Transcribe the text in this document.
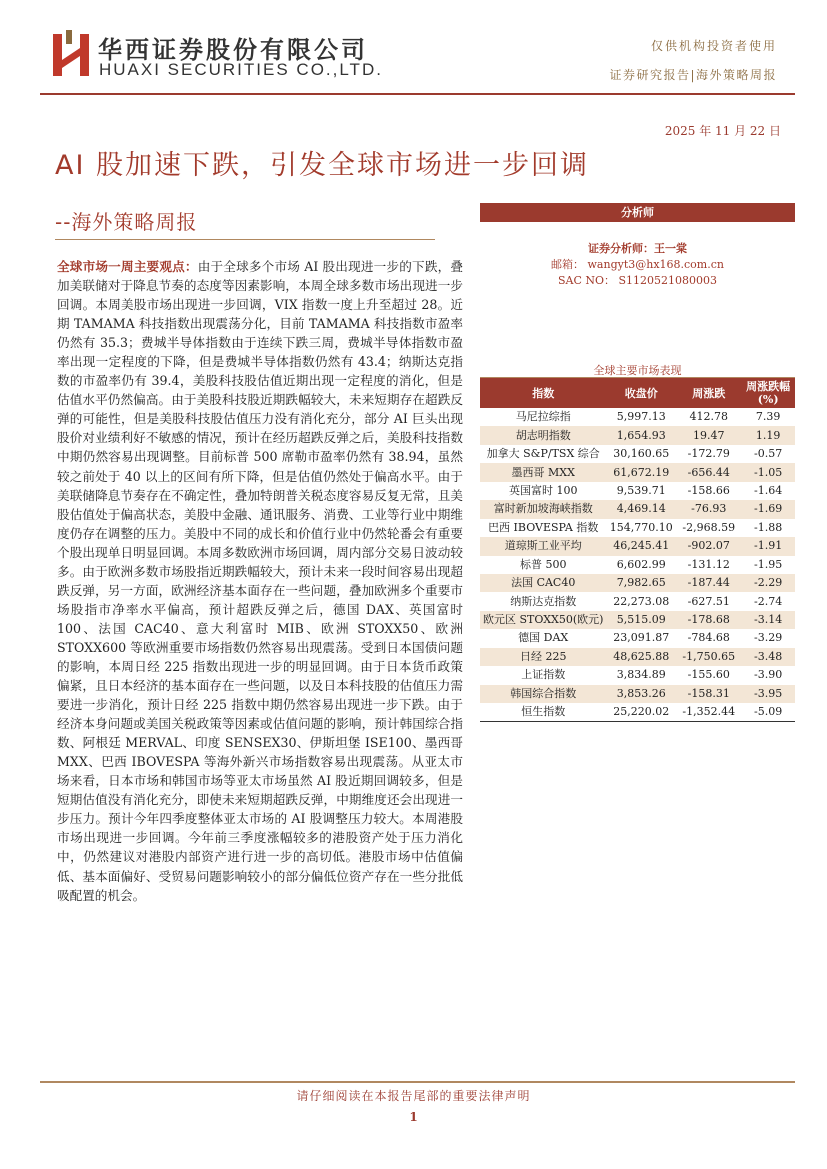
华西证券股份有限公司
HUAXI SECURITIES CO.,LTD.
仅供机构投资者使用
证券研究报告|海外策略周报
2025 年 11 月 22 日
AI 股加速下跌，引发全球市场进一步回调
--海外策略周报

全球市场一周主要观点：由于全球多个市场 AI 股出现进一步的下跌，叠加美联储对于降息节奏的态度等因素影响，本周全球多数市场出现进一步回调。本周美股市场出现进一步回调，VIX 指数一度上升至超过 28。近期 TAMAMA 科技指数出现震荡分化，目前 TAMAMA 科技指数市盈率仍然有 35.3；费城半导体指数由于连续下跌三周，费城半导体指数市盈率出现一定程度的下降，但是费城半导体指数仍然有 43.4；纳斯达克指数的市盈率仍有 39.4，美股科技股估值近期出现一定程度的消化，但是估值水平仍然偏高。由于美股科技股近期跌幅较大，未来短期存在超跌反弹的可能性，但是美股科技股估值压力没有消化充分，部分 AI 巨头出现股价对业绩利好不敏感的情况，预计在经历超跌反弹之后，美股科技指数中期仍然容易出现调整。目前标普 500 席勒市盈率仍然有 38.94，虽然较之前处于 40 以上的区间有所下降，但是估值仍然处于偏高水平。由于美联储降息节奏存在不确定性，叠加特朗普关税态度容易反复无常，且美股估值处于偏高状态，美股中金融、通讯服务、消费、工业等行业中期维度仍存在调整的压力。美股中不同的成长和价值行业中仍然轮番会有重要个股出现单日明显回调。本周多数欧洲市场回调，周内部分交易日波动较多。由于欧洲多数市场股指近期跌幅较大，预计未来一段时间容易出现超跌反弹，另一方面，欧洲经济基本面存在一些问题，叠加欧洲多个重要市场股指市净率水平偏高，预计超跌反弹之后，德国 DAX、英国富时 100、法国 CAC40、意大利富时 MIB、欧洲 STOXX50、欧洲 STOXX600 等欧洲重要市场指数仍然容易出现震荡。受到日本国债问题的影响，本周日经 225 指数出现进一步的明显回调。由于日本货币政策偏紧，且日本经济的基本面存在一些问题，以及日本科技股的估值压力需要进一步消化，预计日经 225 指数中期仍然容易出现进一步下跌。由于经济本身问题或美国关税政策等因素或估值问题的影响，预计韩国综合指数、阿根廷 MERVAL、印度 SENSEX30、伊斯坦堡 ISE100、墨西哥 MXX、巴西 IBOVESPA 等海外新兴市场指数容易出现震荡。从亚太市场来看，日本市场和韩国市场等亚太市场虽然 AI 股近期回调较多，但是短期估值没有消化充分，即使未来短期超跌反弹，中期维度还会出现进一步压力。预计今年四季度整体亚太市场的 AI 股调整压力较大。本周港股市场出现进一步回调。今年前三季度涨幅较多的港股资产处于压力消化中，仍然建议对港股内部资产进行进一步的高切低。港股市场中估值偏低、基本面偏好、受贸易问题影响较小的部分偏低位资产存在一些分批低吸配置的机会。

分析师
证券分析师：王一棠
邮箱： wangyt3@hx168.com.cn
SAC NO： S1120521080003
全球主要市场表现
指数	收盘价	周涨跌	周涨跌幅(%)
马尼拉综指	5,997.13	412.78	7.39
胡志明指数	1,654.93	19.47	1.19
加拿大 S&P/TSX 综合	30,160.65	-172.79	-0.57
墨西哥 MXX	61,672.19	-656.44	-1.05
英国富时 100	9,539.71	-158.66	-1.64
富时新加坡海峡指数	4,469.14	-76.93	-1.69
巴西 IBOVESPA 指数	154,770.10	-2,968.59	-1.88
道琼斯工业平均	46,245.41	-902.07	-1.91
标普 500	6,602.99	-131.12	-1.95
法国 CAC40	7,982.65	-187.44	-2.29
纳斯达克指数	22,273.08	-627.51	-2.74
欧元区 STOXX50(欧元)	5,515.09	-178.68	-3.14
德国 DAX	23,091.87	-784.68	-3.29
日经 225	48,625.88	-1,750.65	-3.48
上证指数	3,834.89	-155.60	-3.90
韩国综合指数	3,853.26	-158.31	-3.95
恒生指数	25,220.02	-1,352.44	-5.09
请仔细阅读在本报告尾部的重要法律声明
1
